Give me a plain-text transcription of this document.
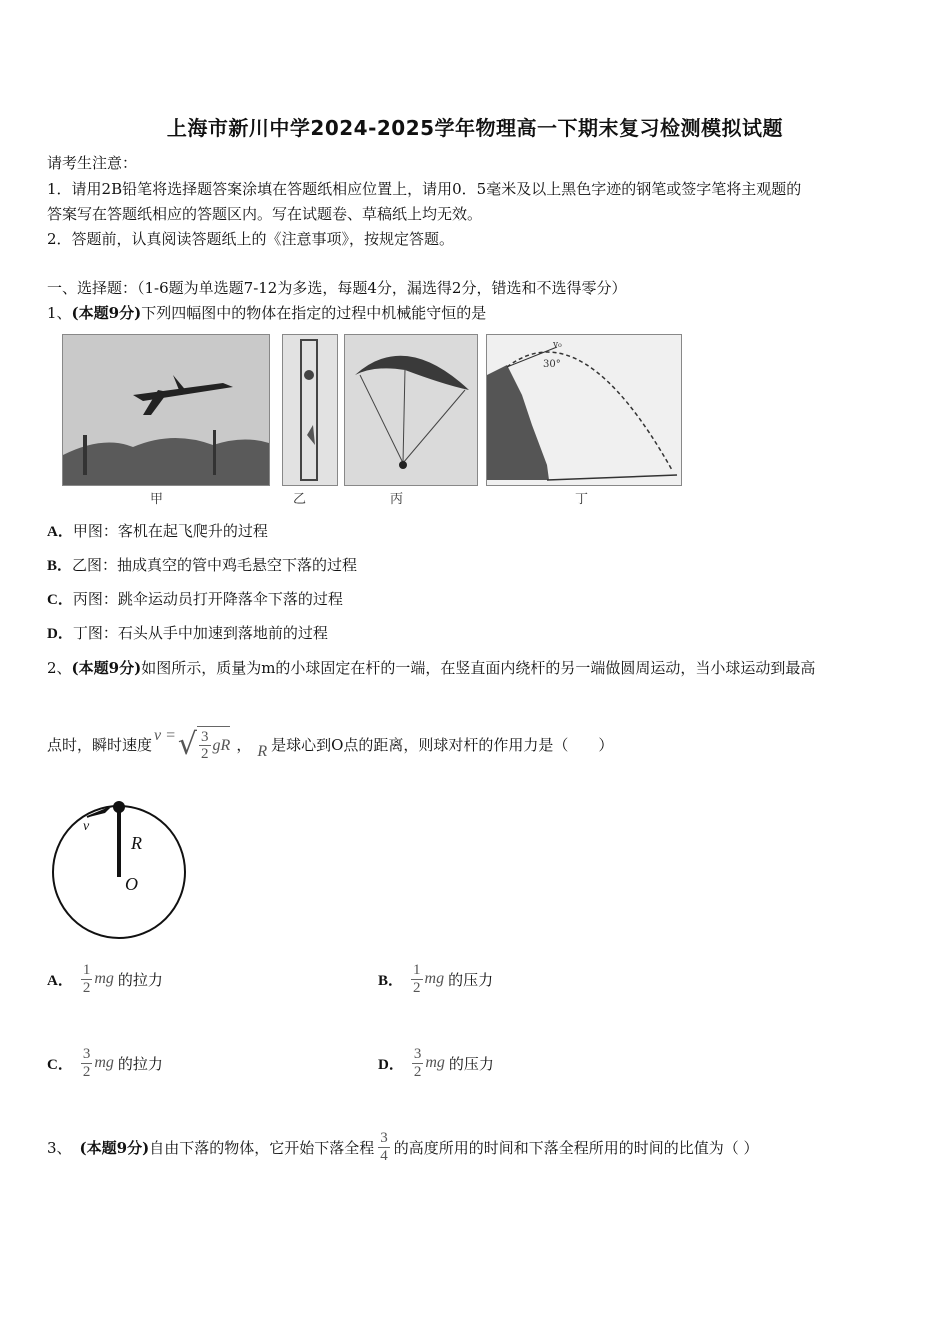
上海市新川中学2024-2025学年物理高一下期末复习检测模拟试题
请考生注意：
1．请用2B铅笔将选择题答案涂填在答题纸相应位置上，请用0．5毫米及以上黑色字迹的钢笔或签字笔将主观题的
答案写在答题纸相应的答题区内。写在试题卷、草稿纸上均无效。
2．答题前，认真阅读答题纸上的《注意事项》，按规定答题。
一、选择题：（1-6题为单选题7-12为多选，每题4分，漏选得2分，错选和不选得零分）
1、(本题9分)下列四幅图中的物体在指定的过程中机械能守恒的是
甲	乙	丙
30°
v₀
丁
A．甲图：客机在起飞爬升的过程
B．乙图：抽成真空的管中鸡毛悬空下落的过程
C．丙图：跳伞运动员打开降落伞下落的过程
D．丁图：石头从手中加速到落地前的过程
2、(本题9分)如图所示，质量为m的小球固定在杆的一端，在竖直面内绕杆的另一端做圆周运动，当小球运动到最高
点时，瞬时速度 v = √ $\frac{3}{2}$ gR ， R 是球心到O点的距离，则球对杆的作用力是（　　）
v
R
O
A． $\frac{1}{2}$ mg 的拉力	B． $\frac{1}{2}$ mg 的压力
C． $\frac{3}{2}$ mg 的拉力	D． $\frac{3}{2}$ mg 的压力
3、 (本题9分) 自由下落的物体，它开始下落全程 $\frac{3}{4}$ 的高度所用的时间和下落全程所用的时间的比值为（ ）
